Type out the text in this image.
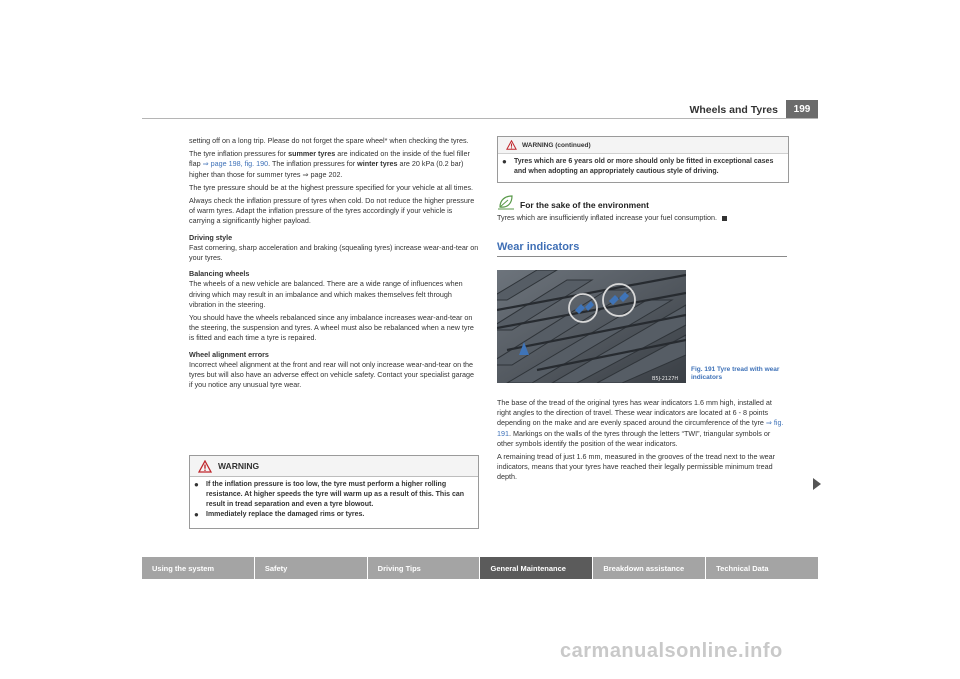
Wheels and Tyres	199

setting off on a long trip. Please do not forget the spare wheel* when checking the tyres.

The tyre inflation pressures for summer tyres are indicated on the inside of the fuel filler flap ⇒ page 198, fig. 190. The inflation pressures for winter tyres are 20 kPa (0.2 bar) higher than those for summer tyres ⇒ page 202.

The tyre pressure should be at the highest pressure specified for your vehicle at all times.

Always check the inflation pressure of tyres when cold. Do not reduce the higher pressure of warm tyres. Adapt the inflation pressure of the tyres accordingly if your vehicle is carrying a significantly higher payload.

Driving style

Fast cornering, sharp acceleration and braking (squealing tyres) increase wear-and-tear on your tyres.

Balancing wheels

The wheels of a new vehicle are balanced. There are a wide range of influences when driving which may result in an imbalance and which makes themselves felt through vibration in the steering.

You should have the wheels rebalanced since any imbalance increases wear-and-tear on the steering, the suspension and tyres. A wheel must also be rebalanced when a new tyre is fitted and each time a tyre is repaired.

Wheel alignment errors

Incorrect wheel alignment at the front and rear will not only increase wear-and-tear on the tyres but will also have an adverse effect on vehicle safety. Contact your specialist garage if you notice any unusual tyre wear.

WARNING
●	If the inflation pressure is too low, the tyre must perform a higher rolling resistance. At higher speeds the tyre will warm up as a result of this. This can result in tread separation and even a tyre blowout.
●	Immediately replace the damaged rims or tyres.
WARNING (continued)
●	Tyres which are 6 years old or more should only be fitted in exceptional cases and when adopting an appropriately cautious style of driving.
For the sake of the environment
Tyres which are insufficiently inflated increase your fuel consumption.
Wear indicators
B5J-2127H
Fig. 191 Tyre tread with wear indicators

The base of the tread of the original tyres has wear indicators 1.6 mm high, installed at right angles to the direction of travel. These wear indicators are located at 6 - 8 points depending on the make and are evenly spaced around the circumference of the tyre ⇒ fig. 191. Markings on the walls of the tyres through the letters “TWI”, triangular symbols or other symbols identify the position of the wear indicators.

A remaining tread of just 1.6 mm, measured in the grooves of the tread next to the wear indicators, means that your tyres have reached their legally permissible minimum tread depth.

Using the system	Safety	Driving Tips	General Maintenance	Breakdown assistance	Technical Data
carmanualsonline.info
